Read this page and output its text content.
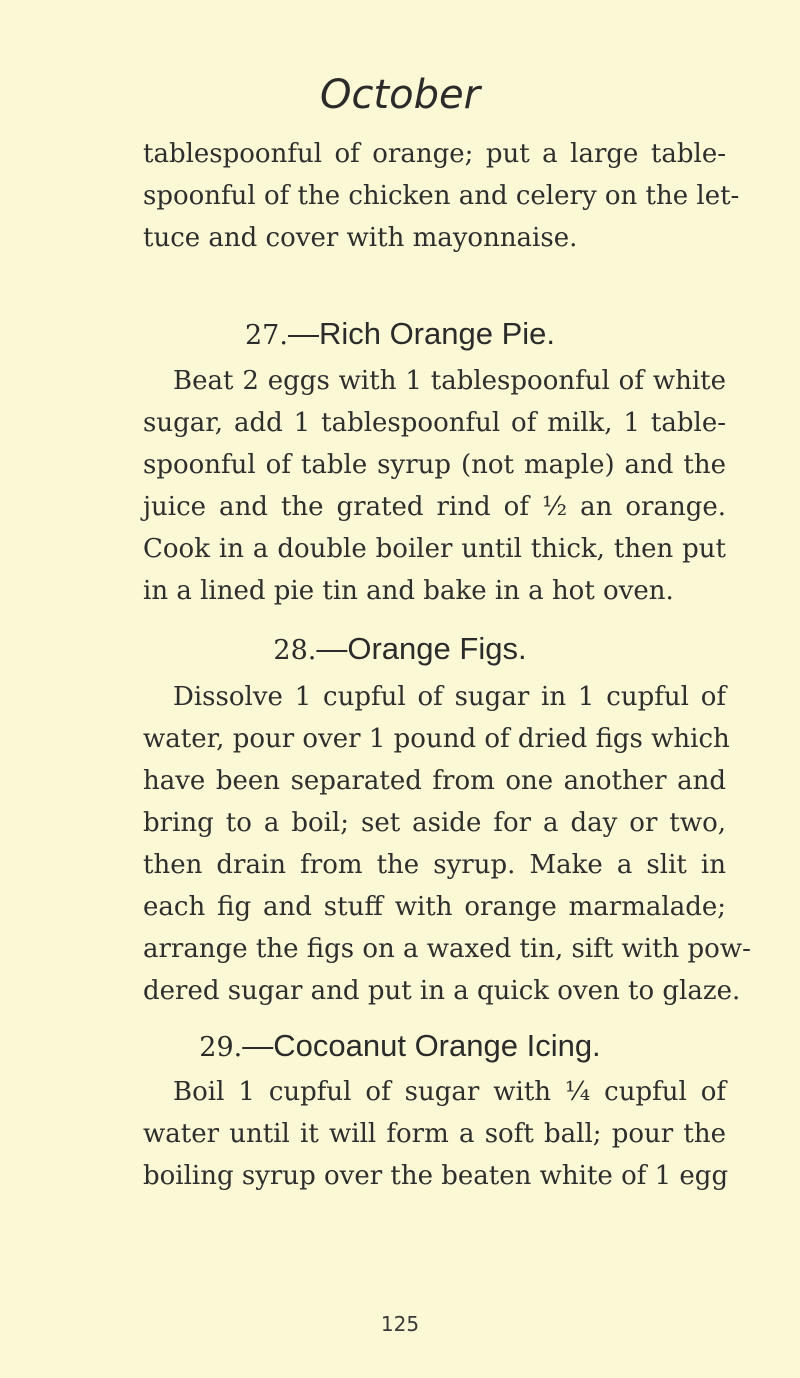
October
tablespoonful of orange; put a large table-
spoonful of the chicken and celery on the let-
tuce and cover with mayonnaise.
27.—Rich Orange Pie.
Beat 2 eggs with 1 tablespoonful of white
sugar, add 1 tablespoonful of milk, 1 table-
spoonful of table syrup (not maple) and the
juice and the grated rind of ½ an orange.
Cook in a double boiler until thick, then put
in a lined pie tin and bake in a hot oven.
28.—Orange Figs.
Dissolve 1 cupful of sugar in 1 cupful of
water, pour over 1 pound of dried figs which
have been separated from one another and
bring to a boil; set aside for a day or two,
then drain from the syrup. Make a slit in
each fig and stuff with orange marmalade;
arrange the figs on a waxed tin, sift with pow-
dered sugar and put in a quick oven to glaze.
29.—Cocoanut Orange Icing.
Boil 1 cupful of sugar with ¼ cupful of
water until it will form a soft ball; pour the
boiling syrup over the beaten white of 1 egg
125
